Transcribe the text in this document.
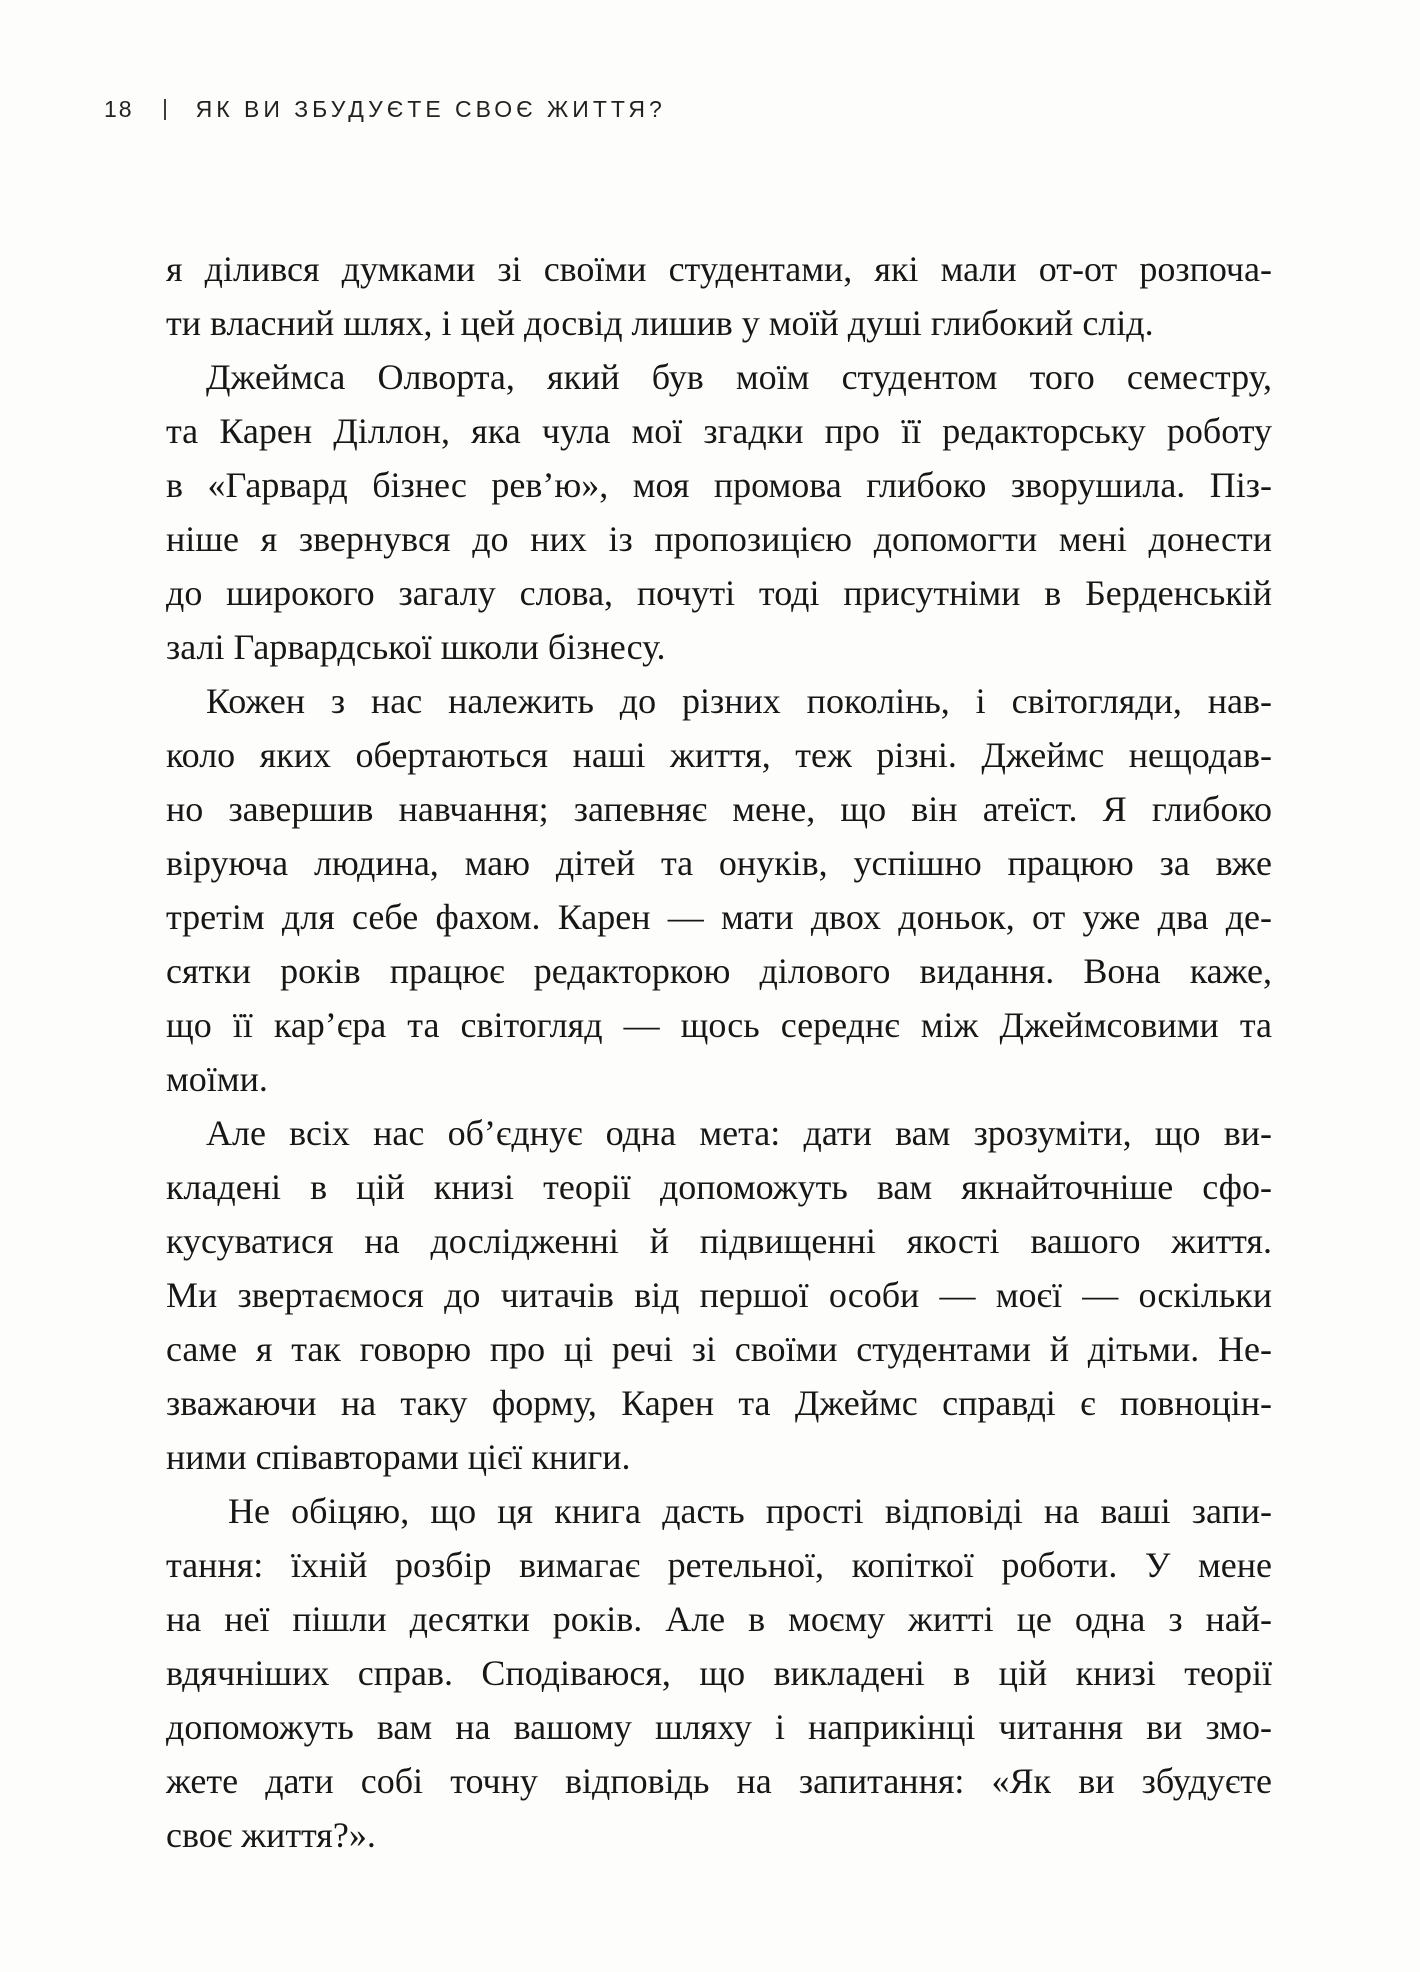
18	ЯК ВИ ЗБУДУЄТЕ СВОЄ ЖИТТЯ?
я ділився думками зі своїми студентами, які мали от-от розпоча-
ти власний шлях, і цей досвід лишив у моїй душі глибокий слід.
Джеймса Олворта, який був моїм студентом того семестру,
та Карен Діллон, яка чула мої згадки про її редакторську роботу
в «Гарвард бізнес рев’ю», моя промова глибоко зворушила. Піз-
ніше я звернувся до них із пропозицією допомогти мені донести
до широкого загалу слова, почуті тоді присутніми в Берденській
залі Гарвардської школи бізнесу.
Кожен з нас належить до різних поколінь, і світогляди, нав-
коло яких обертаються наші життя, теж різні. Джеймс нещодав-
но завершив навчання; запевняє мене, що він атеїст. Я глибоко
віруюча людина, маю дітей та онуків, успішно працюю за вже
третім для себе фахом. Карен — мати двох доньок, от уже два де-
сятки років працює редакторкою ділового видання. Вона каже,
що її кар’єра та світогляд — щось середнє між Джеймсовими та
моїми.
Але всіх нас об’єднує одна мета: дати вам зрозуміти, що ви-
кладені в цій книзі теорії допоможуть вам якнайточніше сфо-
кусуватися на дослідженні й підвищенні якості вашого життя.
Ми звертаємося до читачів від першої особи — моєї — оскільки
саме я так говорю про ці речі зі своїми студентами й дітьми. Не-
зважаючи на таку форму, Карен та Джеймс справді є повноцін-
ними співавторами цієї книги.
Не обіцяю, що ця книга дасть прості відповіді на ваші запи-
тання: їхній розбір вимагає ретельної, копіткої роботи. У мене
на неї пішли десятки років. Але в моєму житті це одна з най-
вдячніших справ. Сподіваюся, що викладені в цій книзі теорії
допоможуть вам на вашому шляху і наприкінці читання ви змо-
жете дати собі точну відповідь на запитання: «Як ви збудуєте
своє життя?».
